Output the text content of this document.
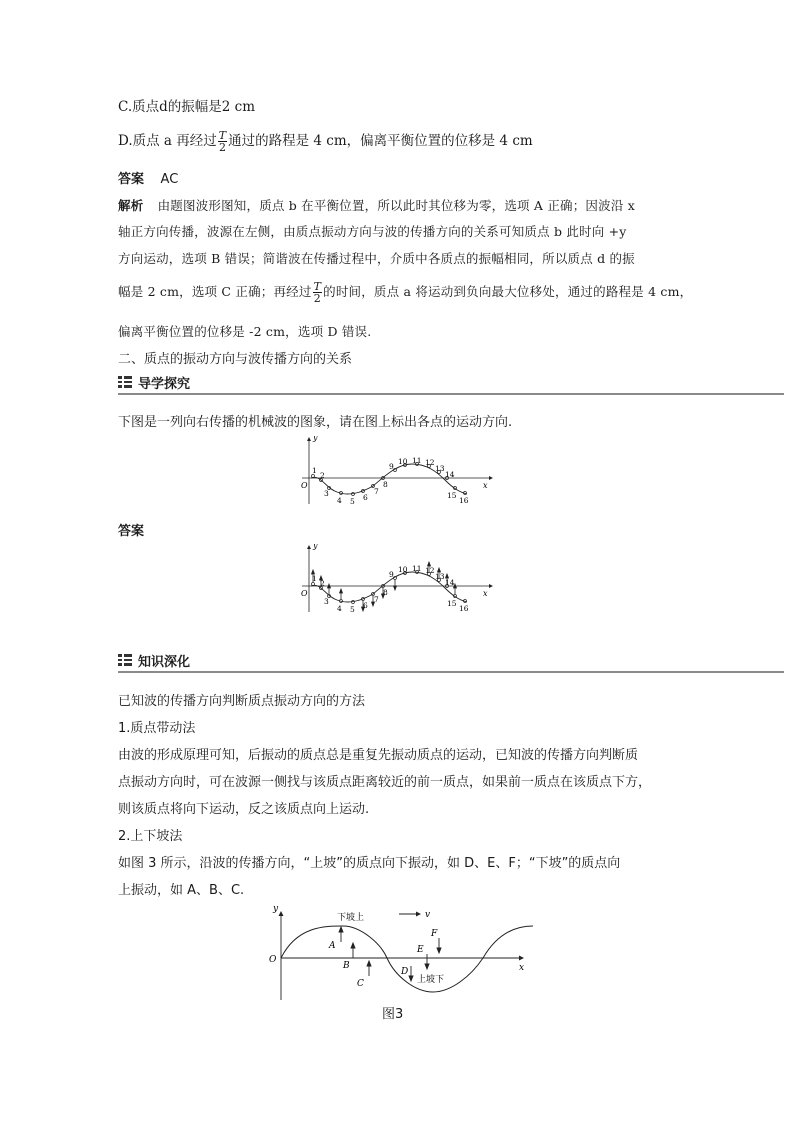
C.质点d的振幅是2 cm
D.质点 a 再经过 $\frac{T}{2}$ 通过的路程是 4 cm，偏离平衡位置的位移是 4 cm
答案 AC
解析 由题图波形图知，质点 b 在平衡位置，所以此时其位移为零，选项 A 正确；因波沿 x
轴正方向传播，波源在左侧，由质点振动方向与波的传播方向的关系可知质点 b 此时向 +y
方向运动，选项 B 错误；简谐波在传播过程中，介质中各质点的振幅相同，所以质点 d 的振
幅是 2 cm，选项 C 正确；再经过 $\frac{T}{2}$ 的时间，质点 a 将运动到负向最大位移处，通过的路程是 4 cm，
偏离平衡位置的位移是 -2 cm，选项 D 错误.
二、质点的振动方向与波传播方向的关系
导学探究
下图是一列向右传播的机械波的图象，请在图上标出各点的运动方向.
y
x
O
1
2
3
4 5 6
7
8
9
10 11 12
13
14
15
16
答案
y
x
O
1
2
3
4 5 6
7
8
9
10 11 12
13
14
15
16
知识深化
已知波的传播方向判断质点振动方向的方法
1.质点带动法
由波的形成原理可知，后振动的质点总是重复先振动质点的运动，已知波的传播方向判断质
点振动方向时，可在波源一侧找与该质点距离较近的前一质点，如果前一质点在该质点下方，
则该质点将向下运动，反之该质点向上运动.
2.上下坡法
如图 3 所示，沿波的传播方向，“上坡”的质点向下振动，如 D、E、F；“下坡”的质点向
上振动，如 A、B、C.
y
x
O
v
下坡上
上坡下
A
B
C
D
E
F
图3
